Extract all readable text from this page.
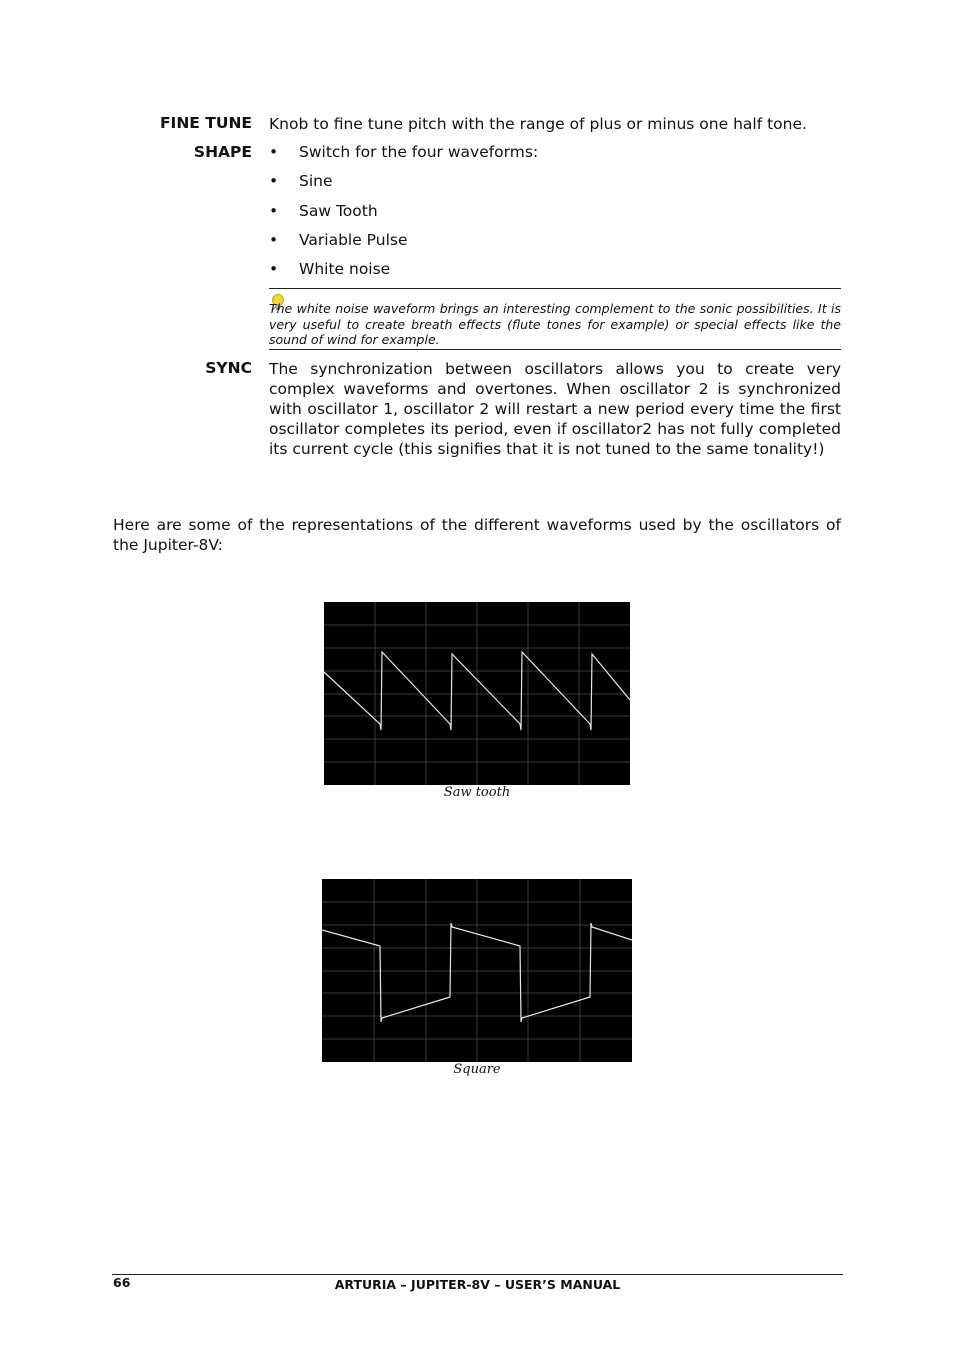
FINE TUNE Knob to fine tune pitch with the range of plus or minus one half tone.
SHAPE • Switch for the four waveforms:
• Sine
• Saw Tooth
• Variable Pulse
• White noise
The white noise waveform brings an interesting complement to the sonic possibilities. It is very useful to create breath effects (flute tones for example) or special effects like the sound of wind for example.
SYNC The synchronization between oscillators allows you to create very complex waveforms and overtones. When oscillator 2 is synchronized with oscillator 1, oscillator 2 will restart a new period every time the first oscillator completes its period, even if oscillator2 has not fully completed its current cycle (this signifies that it is not tuned to the same tonality!)
Here are some of the representations of the different waveforms used by the oscillators of the Jupiter-8V:
Saw tooth
Square
66	ARTURIA – JUPITER-8V – USER’S MANUAL
